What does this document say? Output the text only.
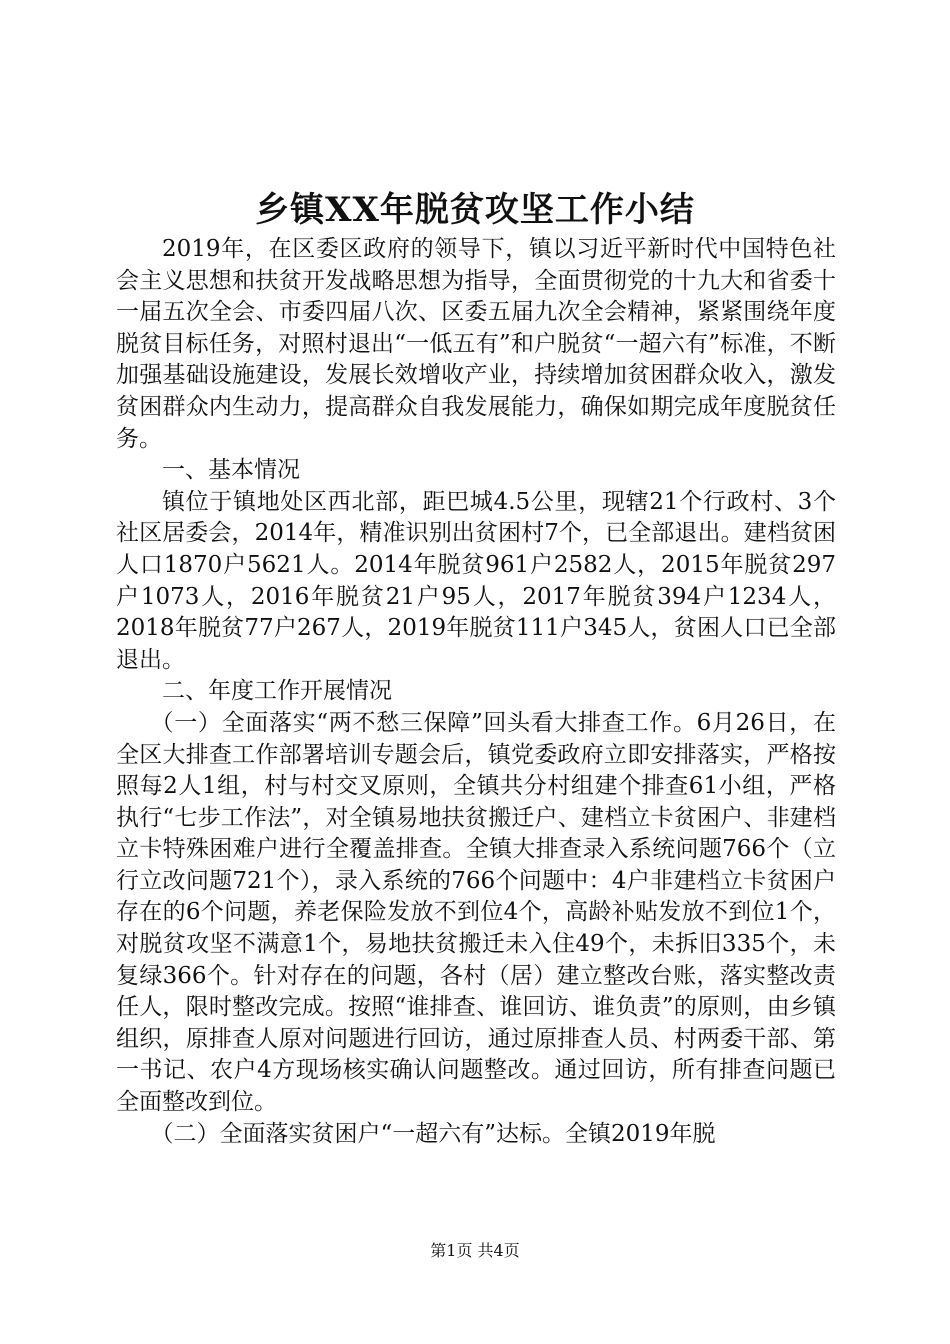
乡镇XX年脱贫攻坚工作小结

2019年，在区委区政府的领导下，镇以习近平新时代中国特色社会主义思想和扶贫开发战略思想为指导，全面贯彻党的十九大和省委十一届五次全会、市委四届八次、区委五届九次全会精神，紧紧围绕年度脱贫目标任务，对照村退出“一低五有”和户脱贫“一超六有”标准，不断加强基础设施建设，发展长效增收产业，持续增加贫困群众收入，激发贫困群众内生动力，提高群众自我发展能力，确保如期完成年度脱贫任务。

一、基本情况

镇位于镇地处区西北部，距巴城4.5公里，现辖21个行政村、3个社区居委会，2014年，精准识别出贫困村7个，已全部退出。建档贫困人口1870户5621人。2014年脱贫961户2582人，2015年脱贫297户1073人，2016年脱贫21户95人，2017年脱贫394户1234人，2018年脱贫77户267人，2019年脱贫111户345人，贫困人口已全部退出。

二、年度工作开展情况

（一）全面落实“两不愁三保障”回头看大排查工作。6月26日，在全区大排查工作部署培训专题会后，镇党委政府立即安排落实，严格按照每2人1组，村与村交叉原则，全镇共分村组建个排查61小组，严格执行“七步工作法”，对全镇易地扶贫搬迁户、建档立卡贫困户、非建档立卡特殊困难户进行全覆盖排查。全镇大排查录入系统问题766个（立行立改问题721个），录入系统的766个问题中：4户非建档立卡贫困户存在的6个问题，养老保险发放不到位4个，高龄补贴发放不到位1个，对脱贫攻坚不满意1个，易地扶贫搬迁未入住49个，未拆旧335个，未复绿366个。针对存在的问题，各村（居）建立整改台账，落实整改责任人，限时整改完成。按照“谁排查、谁回访、谁负责”的原则，由乡镇组织，原排查人原对问题进行回访，通过原排查人员、村两委干部、第一书记、农户4方现场核实确认问题整改。通过回访，所有排查问题已全面整改到位。

（二）全面落实贫困户“一超六有”达标。全镇2019年脱

第1页 共4页
